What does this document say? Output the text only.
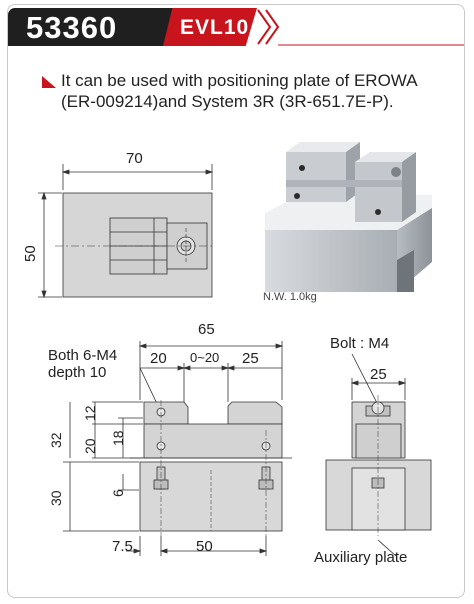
53360	EVL10
It can be used with positioning plate of EROWA (ER-009214)and System 3R (3R-651.7E-P).
N.W. 1.0kg
70
50
Both 6-M4
depth 10
65
20 0~20 25
12
32 20
18
30	6
7.5	50
Bolt : M4
25
Auxiliary plate
